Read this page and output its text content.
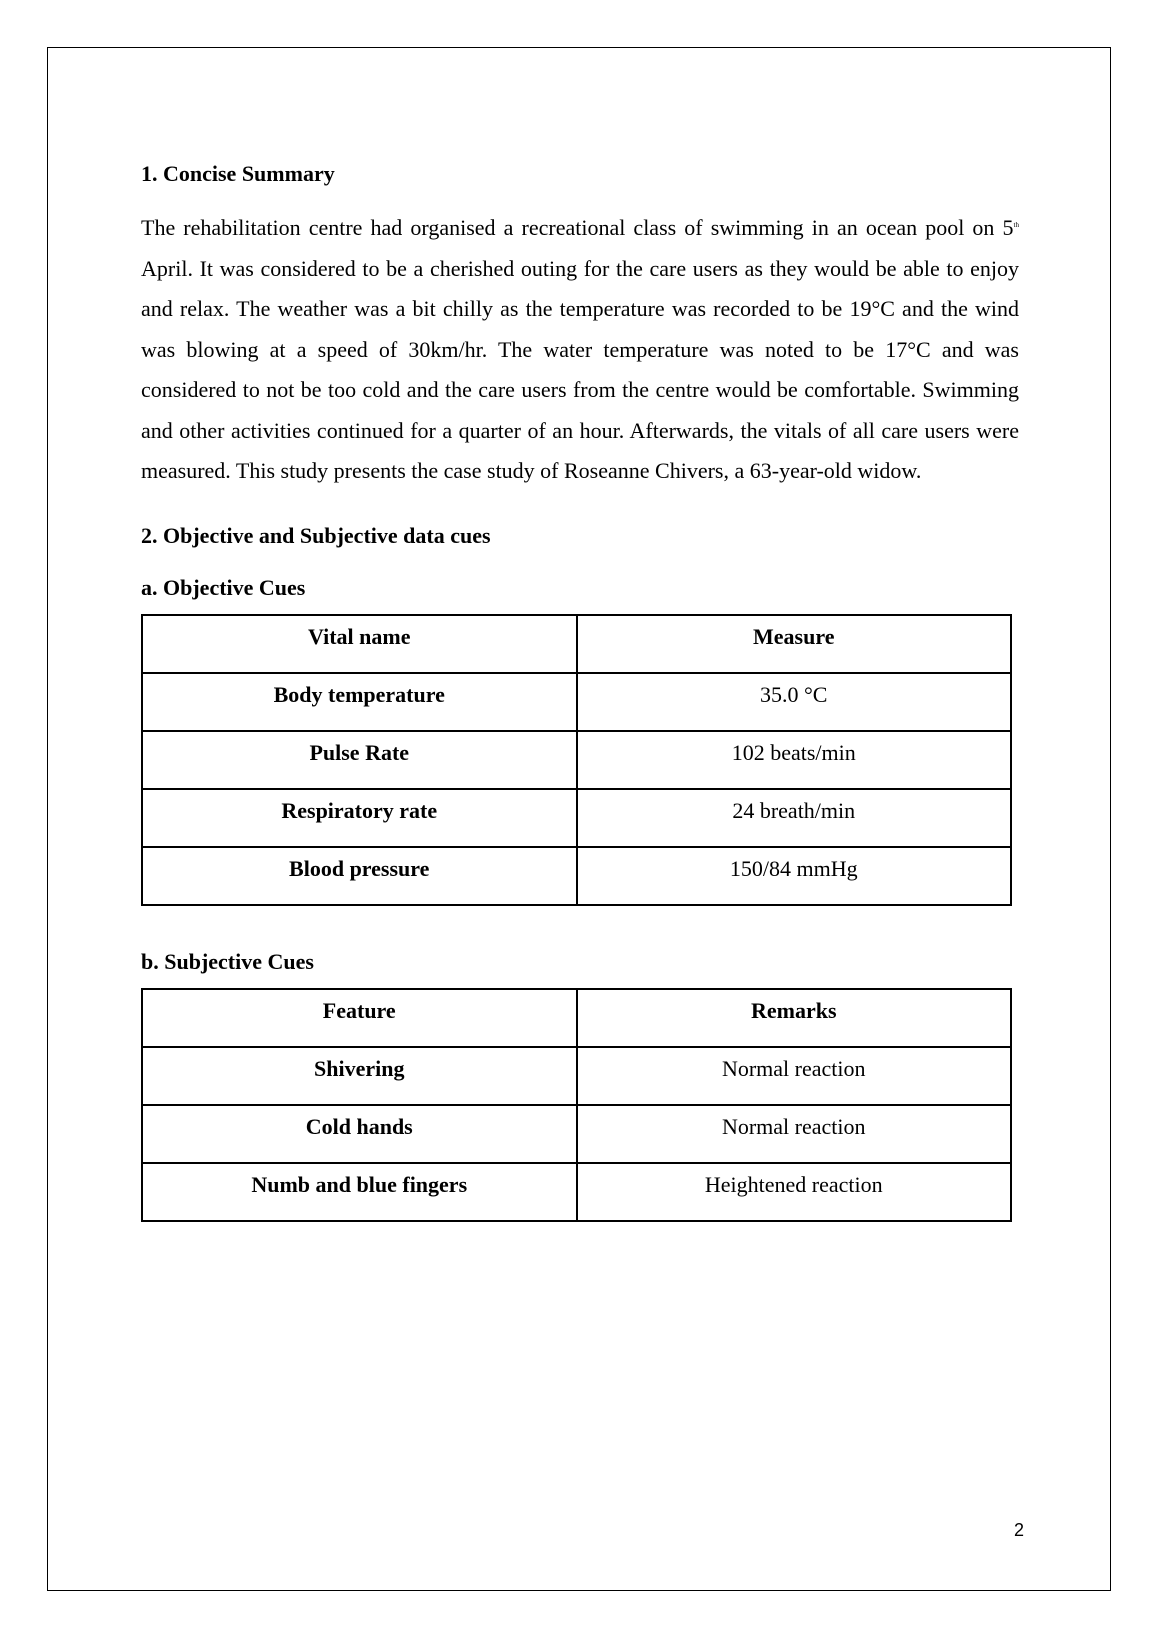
1. Concise Summary

The rehabilitation centre had organised a recreational class of swimming in an ocean pool on 5th April. It was considered to be a cherished outing for the care users as they would be able to enjoy and relax. The weather was a bit chilly as the temperature was recorded to be 19°C and the wind was blowing at a speed of 30km/hr. The water temperature was noted to be 17°C and was considered to not be too cold and the care users from the centre would be comfortable. Swimming and other activities continued for a quarter of an hour. Afterwards, the vitals of all care users were measured. This study presents the case study of Roseanne Chivers, a 63-year-old widow.

2. Objective and Subjective data cues

a. Objective Cues

Vital name	Measure
Body temperature	35.0 °C
Pulse Rate	102 beats/min
Respiratory rate	24 breath/min
Blood pressure	150/84 mmHg

b. Subjective Cues

Feature	Remarks
Shivering	Normal reaction
Cold hands	Normal reaction
Numb and blue fingers	Heightened reaction
2
